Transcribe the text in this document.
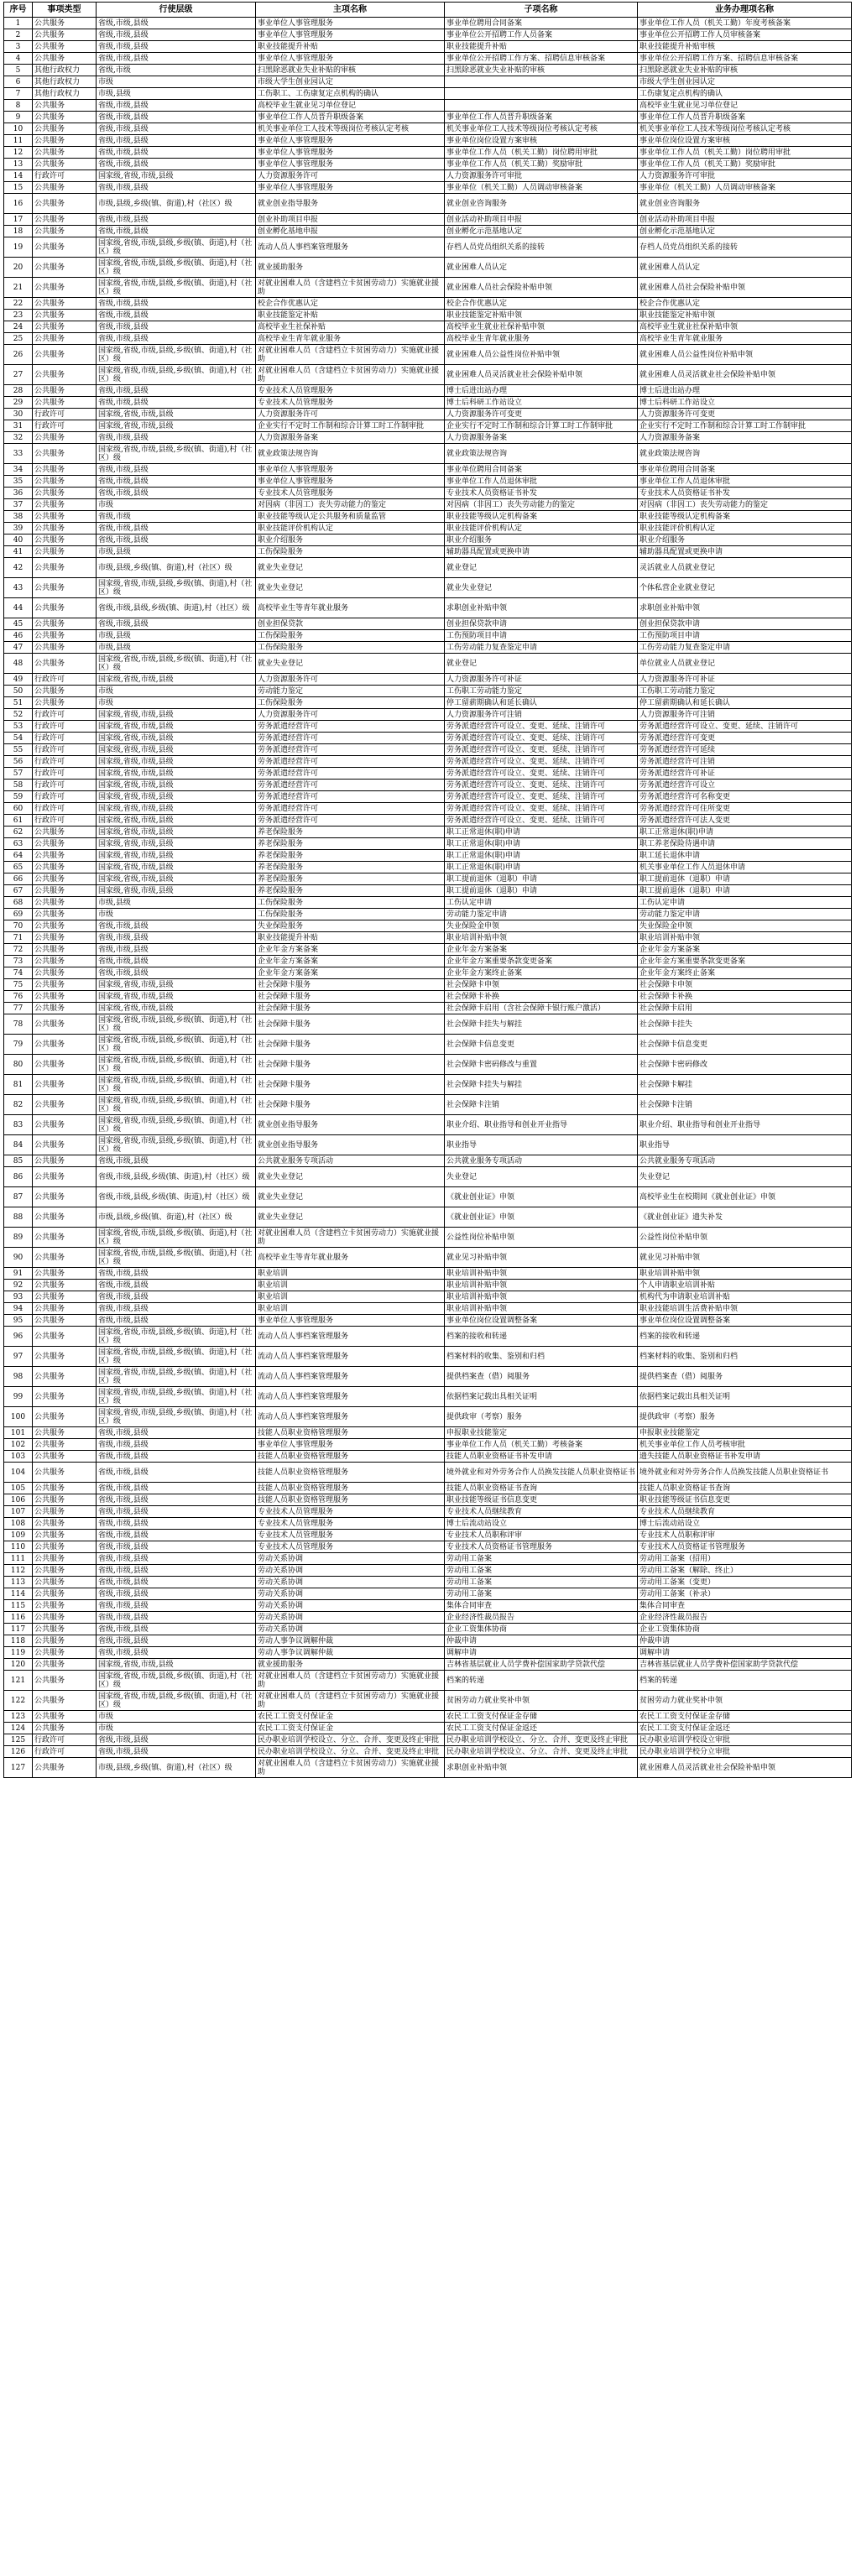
序号	事项类型	行使层级	主项名称	子项名称	业务办理项名称
1	公共服务	省级,市级,县级	事业单位人事管理服务	事业单位聘用合同备案	事业单位工作人员（机关工勤）年度考核备案
2	公共服务	省级,市级,县级	事业单位人事管理服务	事业单位公开招聘工作人员备案	事业单位公开招聘工作人员审核备案
3	公共服务	省级,市级,县级	职业技能提升补贴	职业技能提升补贴	职业技能提升补贴审核
4	公共服务	省级,市级,县级	事业单位人事管理服务	事业单位公开招聘工作方案、招聘信息审核备案	事业单位公开招聘工作方案、招聘信息审核备案
5	其他行政权力	省级,市级	扫黑除恶就业失业补贴的审核	扫黑除恶就业失业补贴的审核	扫黑除恶就业失业补贴的审核
6	其他行政权力	市级	市级大学生创业园认定		市级大学生创业园认定
7	其他行政权力	市级,县级	工伤职工、工伤康复定点机构的确认		工伤康复定点机构的确认
8	公共服务	省级,市级,县级	高校毕业生就业见习单位登记		高校毕业生就业见习单位登记
9	公共服务	省级,市级,县级	事业单位工作人员晋升职级备案	事业单位工作人员晋升职级备案	事业单位工作人员晋升职级备案
10	公共服务	省级,市级,县级	机关事业单位工人技术等级岗位考核认定考核	机关事业单位工人技术等级岗位考核认定考核	机关事业单位工人技术等级岗位考核认定考核
11	公共服务	省级,市级,县级	事业单位人事管理服务	事业单位岗位设置方案审核	事业单位岗位设置方案审核
12	公共服务	省级,市级,县级	事业单位人事管理服务	事业单位工作人员（机关工勤）岗位聘用审批	事业单位工作人员（机关工勤）岗位聘用审批
13	公共服务	省级,市级,县级	事业单位人事管理服务	事业单位工作人员（机关工勤）奖励审批	事业单位工作人员（机关工勤）奖励审批
14	行政许可	国家级,省级,市级,县级	人力资源服务许可	人力资源服务许可审批	人力资源服务许可审批
15	公共服务	省级,市级,县级	事业单位人事管理服务	事业单位（机关工勤）人员调动审核备案	事业单位（机关工勤）人员调动审核备案
16	公共服务	市级,县级,乡级(镇、街道),村（社区）级	就业创业指导服务	就业创业咨询服务	就业创业咨询服务
17	公共服务	省级,市级,县级	创业补助项目申报	创业活动补助项目申报	创业活动补助项目申报
18	公共服务	省级,市级,县级	创业孵化基地申报	创业孵化示范基地认定	创业孵化示范基地认定
19	公共服务	国家级,省级,市级,县级,乡级(镇、街道),村（社区）级	流动人员人事档案管理服务	存档人员党员组织关系的接转	存档人员党员组织关系的接转
20	公共服务	国家级,省级,市级,县级,乡级(镇、街道),村（社区）级	就业援助服务	就业困难人员认定	就业困难人员认定
21	公共服务	国家级,省级,市级,县级,乡级(镇、街道),村（社区）级	对就业困难人员（含建档立卡贫困劳动力）实施就业援助	就业困难人员社会保险补贴申领	就业困难人员社会保险补贴申领
22	公共服务	省级,市级,县级	校企合作优惠认定	校企合作优惠认定	校企合作优惠认定
23	公共服务	省级,市级,县级	职业技能鉴定补贴	职业技能鉴定补贴申领	职业技能鉴定补贴申领
24	公共服务	省级,市级,县级	高校毕业生社保补贴	高校毕业生就业社保补贴申领	高校毕业生就业社保补贴申领
25	公共服务	省级,市级,县级	高校毕业生青年就业服务	高校毕业生青年就业服务	高校毕业生青年就业服务
26	公共服务	国家级,省级,市级,县级,乡级(镇、街道),村（社区）级	对就业困难人员（含建档立卡贫困劳动力）实施就业援助	就业困难人员公益性岗位补贴申领	就业困难人员公益性岗位补贴申领
27	公共服务	国家级,省级,市级,县级,乡级(镇、街道),村（社区）级	对就业困难人员（含建档立卡贫困劳动力）实施就业援助	就业困难人员灵活就业社会保险补贴申领	就业困难人员灵活就业社会保险补贴申领
28	公共服务	省级,市级,县级	专业技术人员管理服务	博士后进出站办理	博士后进出站办理
29	公共服务	省级,市级,县级	专业技术人员管理服务	博士后科研工作站设立	博士后科研工作站设立
30	行政许可	国家级,省级,市级,县级	人力资源服务许可	人力资源服务许可变更	人力资源服务许可变更
31	行政许可	国家级,省级,市级,县级	企业实行不定时工作制和综合计算工时工作制审批	企业实行不定时工作制和综合计算工时工作制审批	企业实行不定时工作制和综合计算工时工作制审批
32	公共服务	省级,市级,县级	人力资源服务备案	人力资源服务备案	人力资源服务备案
33	公共服务	国家级,省级,市级,县级,乡级(镇、街道),村（社区）级	就业政策法规咨询	就业政策法规咨询	就业政策法规咨询
34	公共服务	省级,市级,县级	事业单位人事管理服务	事业单位聘用合同备案	事业单位聘用合同备案
35	公共服务	省级,市级,县级	事业单位人事管理服务	事业单位工作人员退休审批	事业单位工作人员退休审批
36	公共服务	省级,市级,县级	专业技术人员管理服务	专业技术人员资格证书补发	专业技术人员资格证书补发
37	公共服务	市级	对因病（非因工）丧失劳动能力的鉴定	对因病（非因工）丧失劳动能力的鉴定	对因病（非因工）丧失劳动能力的鉴定
38	公共服务	省级,市级	职业技能等级认定公共服务和质量监管	职业技能等级认定机构备案	职业技能等级认定机构备案
39	公共服务	省级,市级,县级	职业技能评价机构认定	职业技能评价机构认定	职业技能评价机构认定
40	公共服务	省级,市级,县级	职业介绍服务	职业介绍服务	职业介绍服务
41	公共服务	市级,县级	工伤保险服务	辅助器具配置或更换申请	辅助器具配置或更换申请
42	公共服务	市级,县级,乡级(镇、街道),村（社区）级	就业失业登记	就业登记	灵活就业人员就业登记
43	公共服务	国家级,省级,市级,县级,乡级(镇、街道),村（社区）级	就业失业登记	就业失业登记	个体私营企业就业登记
44	公共服务	省级,市级,县级,乡级(镇、街道),村（社区）级	高校毕业生等青年就业服务	求职创业补贴申领	求职创业补贴申领
45	公共服务	省级,市级,县级	创业担保贷款	创业担保贷款申请	创业担保贷款申请
46	公共服务	市级,县级	工伤保险服务	工伤预防项目申请	工伤预防项目申请
47	公共服务	市级,县级	工伤保险服务	工伤劳动能力复查鉴定申请	工伤劳动能力复查鉴定申请
48	公共服务	国家级,省级,市级,县级,乡级(镇、街道),村（社区）级	就业失业登记	就业登记	单位就业人员就业登记
49	行政许可	国家级,省级,市级,县级	人力资源服务许可	人力资源服务许可补证	人力资源服务许可补证
50	公共服务	市级	劳动能力鉴定	工伤职工劳动能力鉴定	工伤职工劳动能力鉴定
51	公共服务	市级	工伤保险服务	停工留薪期确认和延长确认	停工留薪期确认和延长确认
52	行政许可	国家级,省级,市级,县级	人力资源服务许可	人力资源服务许可注销	人力资源服务许可注销
53	行政许可	国家级,省级,市级,县级	劳务派遣经营许可	劳务派遣经营许可设立、变更、延续、注销许可	劳务派遣经营许可设立、变更、延续、注销许可
54	行政许可	国家级,省级,市级,县级	劳务派遣经营许可	劳务派遣经营许可设立、变更、延续、注销许可	劳务派遣经营许可变更
55	行政许可	国家级,省级,市级,县级	劳务派遣经营许可	劳务派遣经营许可设立、变更、延续、注销许可	劳务派遣经营许可延续
56	行政许可	国家级,省级,市级,县级	劳务派遣经营许可	劳务派遣经营许可设立、变更、延续、注销许可	劳务派遣经营许可注销
57	行政许可	国家级,省级,市级,县级	劳务派遣经营许可	劳务派遣经营许可设立、变更、延续、注销许可	劳务派遣经营许可补证
58	行政许可	国家级,省级,市级,县级	劳务派遣经营许可	劳务派遣经营许可设立、变更、延续、注销许可	劳务派遣经营许可设立
59	行政许可	国家级,省级,市级,县级	劳务派遣经营许可	劳务派遣经营许可设立、变更、延续、注销许可	劳务派遣经营许可名称变更
60	行政许可	国家级,省级,市级,县级	劳务派遣经营许可	劳务派遣经营许可设立、变更、延续、注销许可	劳务派遣经营许可住所变更
61	行政许可	国家级,省级,市级,县级	劳务派遣经营许可	劳务派遣经营许可设立、变更、延续、注销许可	劳务派遣经营许可法人变更
62	公共服务	国家级,省级,市级,县级	养老保险服务	职工正常退休(职)申请	职工正常退休(职)申请
63	公共服务	国家级,省级,市级,县级	养老保险服务	职工正常退休(职)申请	职工养老保险待遇申请
64	公共服务	国家级,省级,市级,县级	养老保险服务	职工正常退休(职)申请	职工延长退休申请
65	公共服务	国家级,省级,市级,县级	养老保险服务	职工正常退休(职)申请	机关事业单位工作人员退休申请
66	公共服务	国家级,省级,市级,县级	养老保险服务	职工提前退休（退职）申请	职工提前退休（退职）申请
67	公共服务	国家级,省级,市级,县级	养老保险服务	职工提前退休（退职）申请	职工提前退休（退职）申请
68	公共服务	市级,县级	工伤保险服务	工伤认定申请	工伤认定申请
69	公共服务	市级	工伤保险服务	劳动能力鉴定申请	劳动能力鉴定申请
70	公共服务	省级,市级,县级	失业保险服务	失业保险金申领	失业保险金申领
71	公共服务	省级,市级,县级	职业技能提升补贴	职业培训补贴申领	职业培训补贴申领
72	公共服务	省级,市级,县级	企业年金方案备案	企业年金方案备案	企业年金方案备案
73	公共服务	省级,市级,县级	企业年金方案备案	企业年金方案重要条款变更备案	企业年金方案重要条款变更备案
74	公共服务	省级,市级,县级	企业年金方案备案	企业年金方案终止备案	企业年金方案终止备案
75	公共服务	国家级,省级,市级,县级	社会保障卡服务	社会保障卡申领	社会保障卡申领
76	公共服务	国家级,省级,市级,县级	社会保障卡服务	社会保障卡补换	社会保障卡补换
77	公共服务	国家级,省级,市级,县级	社会保障卡服务	社会保障卡启用（含社会保障卡银行账户激活）	社会保障卡启用
78	公共服务	国家级,省级,市级,县级,乡级(镇、街道),村（社区）级	社会保障卡服务	社会保障卡挂失与解挂	社会保障卡挂失
79	公共服务	国家级,省级,市级,县级,乡级(镇、街道),村（社区）级	社会保障卡服务	社会保障卡信息变更	社会保障卡信息变更
80	公共服务	国家级,省级,市级,县级,乡级(镇、街道),村（社区）级	社会保障卡服务	社会保障卡密码修改与重置	社会保障卡密码修改
81	公共服务	国家级,省级,市级,县级,乡级(镇、街道),村（社区）级	社会保障卡服务	社会保障卡挂失与解挂	社会保障卡解挂
82	公共服务	国家级,省级,市级,县级,乡级(镇、街道),村（社区）级	社会保障卡服务	社会保障卡注销	社会保障卡注销
83	公共服务	国家级,省级,市级,县级,乡级(镇、街道),村（社区）级	就业创业指导服务	职业介绍、职业指导和创业开业指导	职业介绍、职业指导和创业开业指导
84	公共服务	国家级,省级,市级,县级,乡级(镇、街道),村（社区）级	就业创业指导服务	职业指导	职业指导
85	公共服务	省级,市级,县级	公共就业服务专项活动	公共就业服务专项活动	公共就业服务专项活动
86	公共服务	省级,市级,县级,乡级(镇、街道),村（社区）级	就业失业登记	失业登记	失业登记
87	公共服务	省级,市级,县级,乡级(镇、街道),村（社区）级	就业失业登记	《就业创业证》申领	高校毕业生在校期间《就业创业证》申领
88	公共服务	市级,县级,乡级(镇、街道),村（社区）级	就业失业登记	《就业创业证》申领	《就业创业证》遗失补发
89	公共服务	国家级,省级,市级,县级,乡级(镇、街道),村（社区）级	对就业困难人员（含建档立卡贫困劳动力）实施就业援助	公益性岗位补贴申领	公益性岗位补贴申领
90	公共服务	国家级,省级,市级,县级,乡级(镇、街道),村（社区）级	高校毕业生等青年就业服务	就业见习补贴申领	就业见习补贴申领
91	公共服务	省级,市级,县级	职业培训	职业培训补贴申领	职业培训补贴申领
92	公共服务	省级,市级,县级	职业培训	职业培训补贴申领	个人申请职业培训补贴
93	公共服务	省级,市级,县级	职业培训	职业培训补贴申领	机构代为申请职业培训补贴
94	公共服务	省级,市级,县级	职业培训	职业培训补贴申领	职业技能培训生活费补贴申领
95	公共服务	省级,市级,县级	事业单位人事管理服务	事业单位岗位设置调整备案	事业单位岗位设置调整备案
96	公共服务	国家级,省级,市级,县级,乡级(镇、街道),村（社区）级	流动人员人事档案管理服务	档案的接收和转递	档案的接收和转递
97	公共服务	国家级,省级,市级,县级,乡级(镇、街道),村（社区）级	流动人员人事档案管理服务	档案材料的收集、鉴别和归档	档案材料的收集、鉴别和归档
98	公共服务	国家级,省级,市级,县级,乡级(镇、街道),村（社区）级	流动人员人事档案管理服务	提供档案查（借）阅服务	提供档案查（借）阅服务
99	公共服务	国家级,省级,市级,县级,乡级(镇、街道),村（社区）级	流动人员人事档案管理服务	依据档案记载出具相关证明	依据档案记载出具相关证明
100	公共服务	国家级,省级,市级,县级,乡级(镇、街道),村（社区）级	流动人员人事档案管理服务	提供政审（考察）服务	提供政审（考察）服务
101	公共服务	省级,市级,县级	技能人员职业资格管理服务	申报职业技能鉴定	申报职业技能鉴定
102	公共服务	省级,市级,县级	事业单位人事管理服务	事业单位工作人员（机关工勤）考核备案	机关事业单位工作人员考核审批
103	公共服务	省级,市级,县级	技能人员职业资格管理服务	技能人员职业资格证书补发申请	遗失技能人员职业资格证书补发申请
104	公共服务	省级,市级,县级	技能人员职业资格管理服务	境外就业和对外劳务合作人员换发技能人员职业资格证书	境外就业和对外劳务合作人员换发技能人员职业资格证书
105	公共服务	省级,市级,县级	技能人员职业资格管理服务	技能人员职业资格证书查询	技能人员职业资格证书查询
106	公共服务	省级,市级,县级	技能人员职业资格管理服务	职业技能等级证书信息变更	职业技能等级证书信息变更
107	公共服务	省级,市级,县级	专业技术人员管理服务	专业技术人员继续教育	专业技术人员继续教育
108	公共服务	省级,市级,县级	专业技术人员管理服务	博士后流动站设立	博士后流动站设立
109	公共服务	省级,市级,县级	专业技术人员管理服务	专业技术人员职称评审	专业技术人员职称评审
110	公共服务	省级,市级,县级	专业技术人员管理服务	专业技术人员资格证书管理服务	专业技术人员资格证书管理服务
111	公共服务	省级,市级,县级	劳动关系协调	劳动用工备案	劳动用工备案（招用）
112	公共服务	省级,市级,县级	劳动关系协调	劳动用工备案	劳动用工备案（解除、终止）
113	公共服务	省级,市级,县级	劳动关系协调	劳动用工备案	劳动用工备案（变更）
114	公共服务	省级,市级,县级	劳动关系协调	劳动用工备案	劳动用工备案（补录）
115	公共服务	省级,市级,县级	劳动关系协调	集体合同审查	集体合同审查
116	公共服务	省级,市级,县级	劳动关系协调	企业经济性裁员报告	企业经济性裁员报告
117	公共服务	省级,市级,县级	劳动关系协调	企业工资集体协商	企业工资集体协商
118	公共服务	省级,市级,县级	劳动人事争议调解仲裁	仲裁申请	仲裁申请
119	公共服务	省级,市级,县级	劳动人事争议调解仲裁	调解申请	调解申请
120	公共服务	国家级,省级,市级,县级	就业援助服务	吉林省基层就业人员学费补偿国家助学贷款代偿	吉林省基层就业人员学费补偿国家助学贷款代偿
121	公共服务	国家级,省级,市级,县级,乡级(镇、街道),村（社区）级	对就业困难人员（含建档立卡贫困劳动力）实施就业援助	档案的转递	档案的转递
122	公共服务	国家级,省级,市级,县级,乡级(镇、街道),村（社区）级	对就业困难人员（含建档立卡贫困劳动力）实施就业援助	贫困劳动力就业奖补申领	贫困劳动力就业奖补申领
123	公共服务	市级	农民工工资支付保证金	农民工工资支付保证金存储	农民工工资支付保证金存储
124	公共服务	市级	农民工工资支付保证金	农民工工资支付保证金返还	农民工工资支付保证金返还
125	行政许可	省级,市级,县级	民办职业培训学校设立、分立、合并、变更及终止审批	民办职业培训学校设立、分立、合并、变更及终止审批	民办职业培训学校设立审批
126	行政许可	省级,市级,县级	民办职业培训学校设立、分立、合并、变更及终止审批	民办职业培训学校设立、分立、合并、变更及终止审批	民办职业培训学校分立审批
127	公共服务	市级,县级,乡级(镇、街道),村（社区）级	对就业困难人员（含建档立卡贫困劳动力）实施就业援助	求职创业补贴申领	就业困难人员灵活就业社会保险补贴申领
